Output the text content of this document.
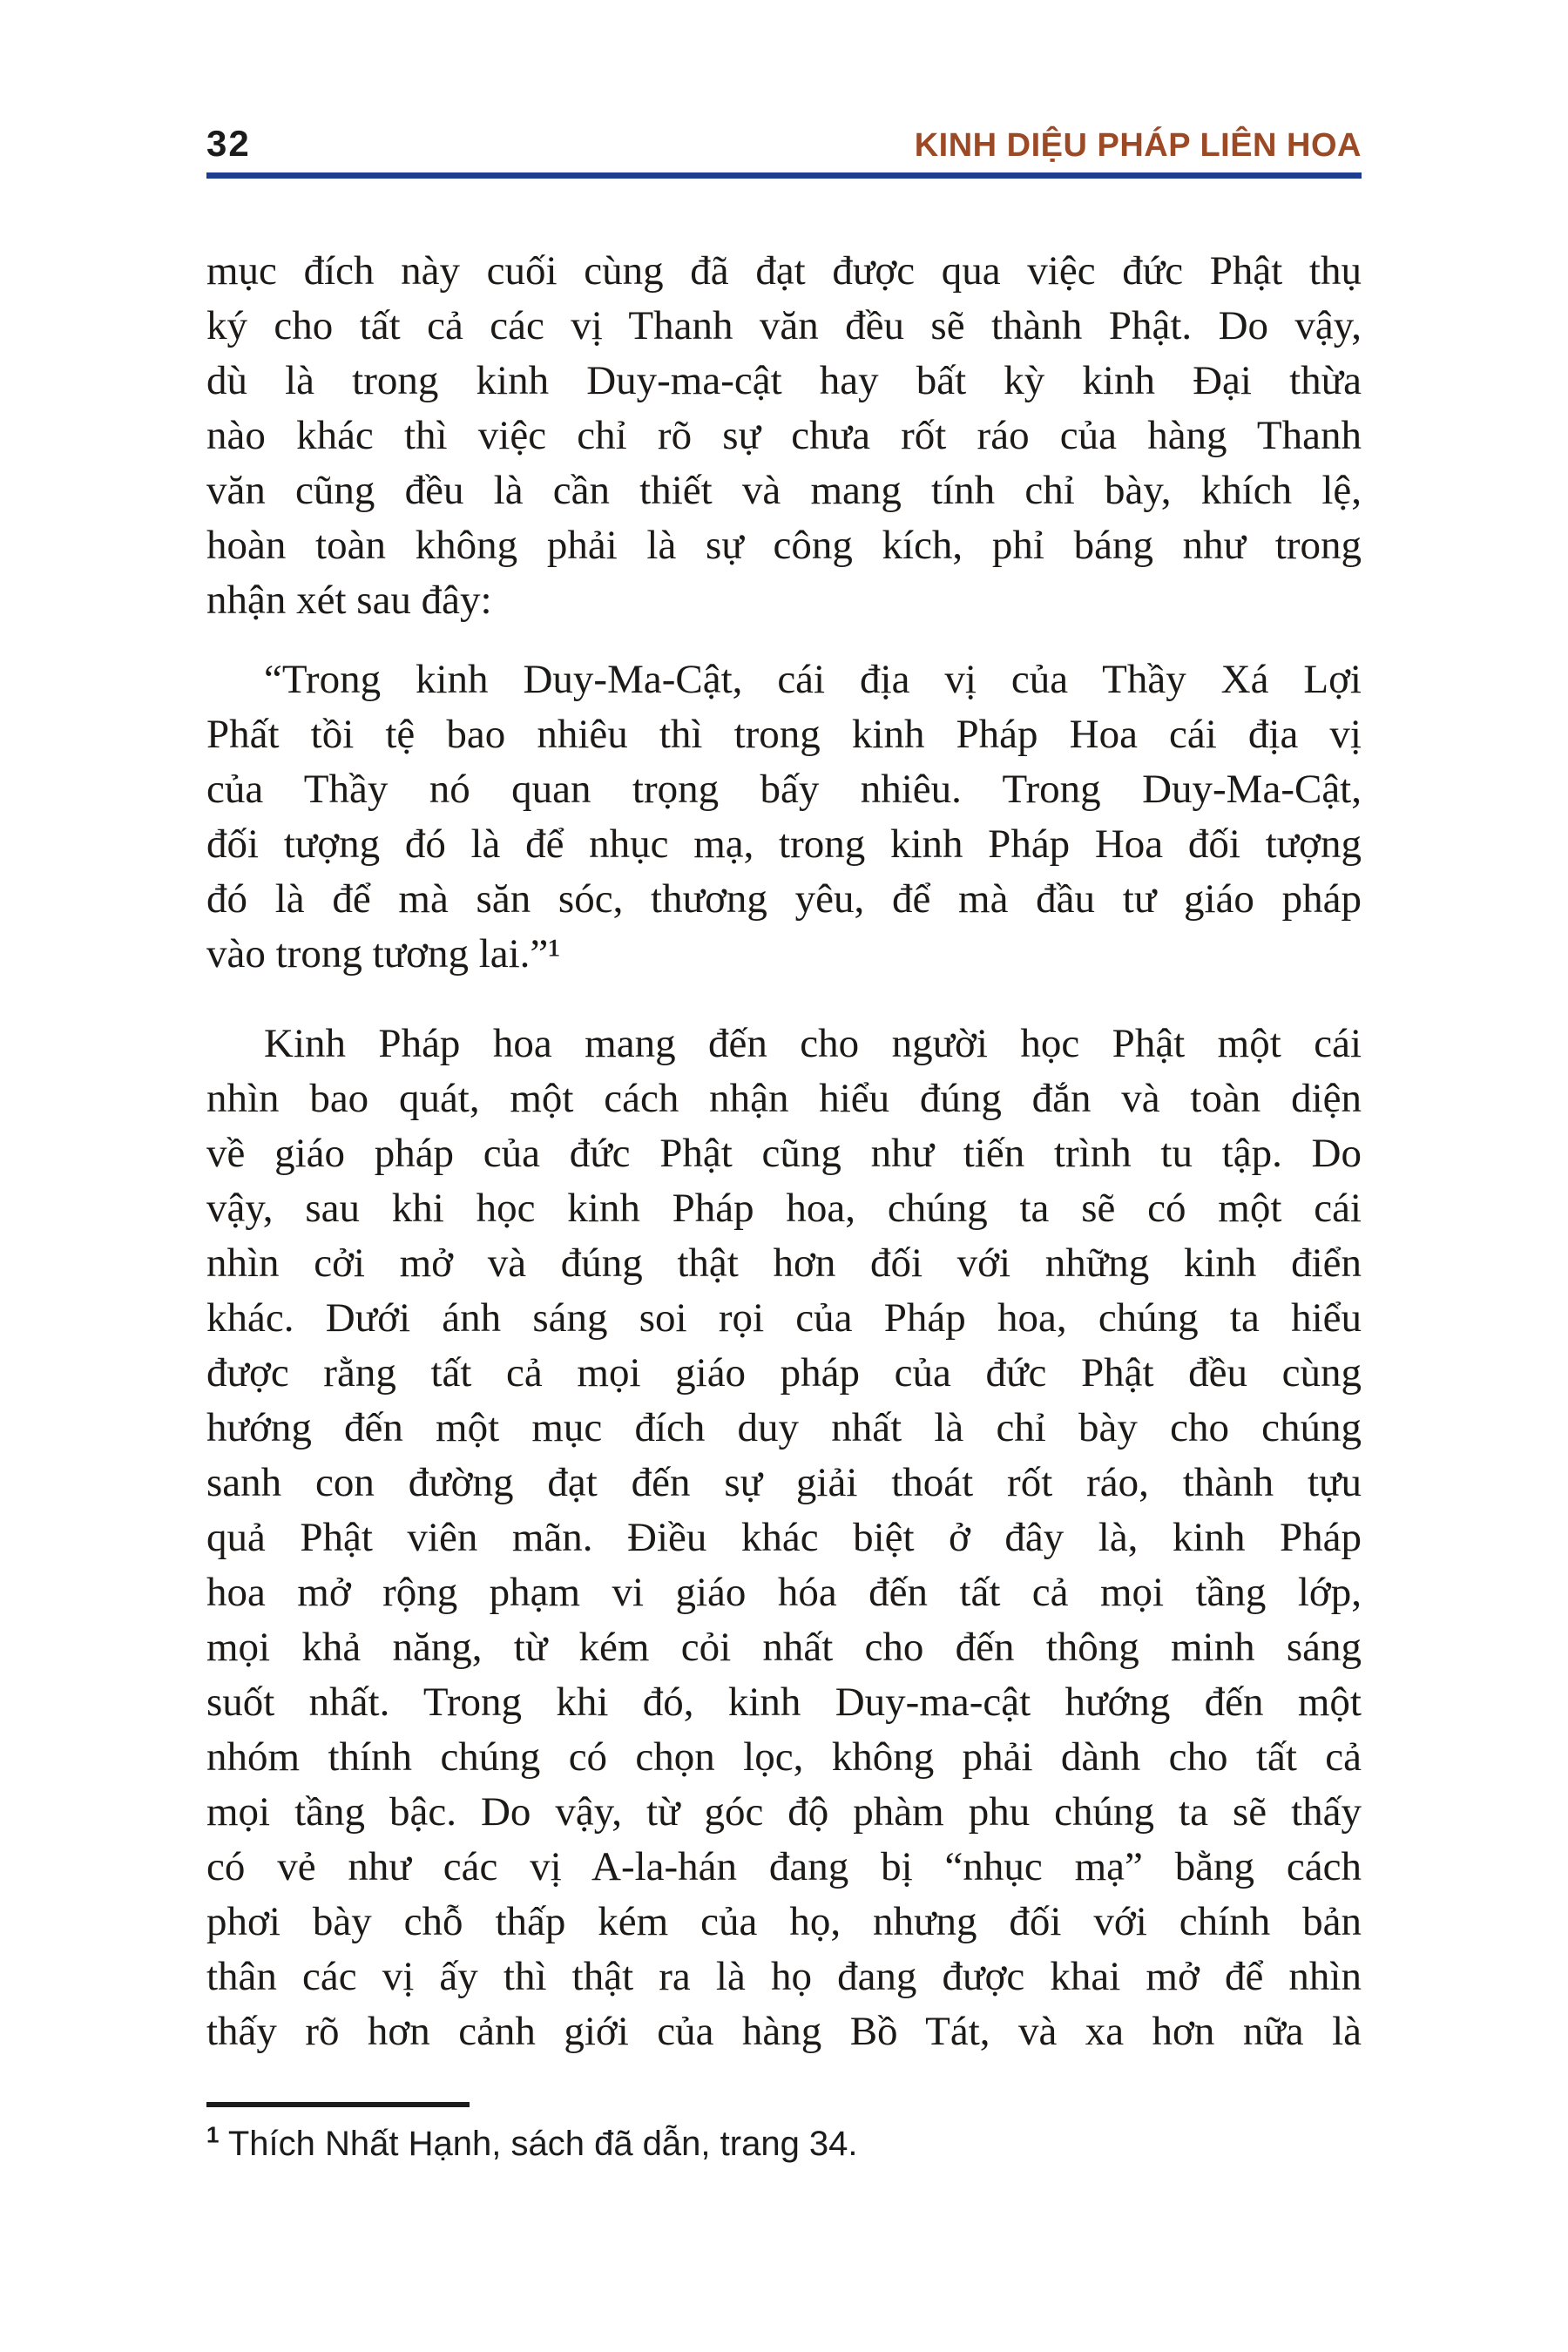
32	KINH DIỆU PHÁP LIÊN HOA
mục đích này cuối cùng đã đạt được qua việc đức Phật thụ
ký cho tất cả các vị Thanh văn đều sẽ thành Phật. Do vậy,
dù là trong kinh Duy-ma-cật hay bất kỳ kinh Đại thừa
nào khác thì việc chỉ rõ sự chưa rốt ráo của hàng Thanh
văn cũng đều là cần thiết và mang tính chỉ bày, khích lệ,
hoàn toàn không phải là sự công kích, phỉ báng như trong
nhận xét sau đây:
“Trong kinh Duy-Ma-Cật, cái địa vị của Thầy Xá Lợi
Phất tồi tệ bao nhiêu thì trong kinh Pháp Hoa cái địa vị
của Thầy nó quan trọng bấy nhiêu. Trong Duy-Ma-Cật,
đối tượng đó là để nhục mạ, trong kinh Pháp Hoa đối tượng
đó là để mà săn sóc, thương yêu, để mà đầu tư giáo pháp
vào trong tương lai.”¹
Kinh Pháp hoa mang đến cho người học Phật một cái
nhìn bao quát, một cách nhận hiểu đúng đắn và toàn diện
về giáo pháp của đức Phật cũng như tiến trình tu tập. Do
vậy, sau khi học kinh Pháp hoa, chúng ta sẽ có một cái
nhìn cởi mở và đúng thật hơn đối với những kinh điển
khác. Dưới ánh sáng soi rọi của Pháp hoa, chúng ta hiểu
được rằng tất cả mọi giáo pháp của đức Phật đều cùng
hướng đến một mục đích duy nhất là chỉ bày cho chúng
sanh con đường đạt đến sự giải thoát rốt ráo, thành tựu
quả Phật viên mãn. Điều khác biệt ở đây là, kinh Pháp
hoa mở rộng phạm vi giáo hóa đến tất cả mọi tầng lớp,
mọi khả năng, từ kém cỏi nhất cho đến thông minh sáng
suốt nhất. Trong khi đó, kinh Duy-ma-cật hướng đến một
nhóm thính chúng có chọn lọc, không phải dành cho tất cả
mọi tầng bậc. Do vậy, từ góc độ phàm phu chúng ta sẽ thấy
có vẻ như các vị A-la-hán đang bị “nhục mạ” bằng cách
phơi bày chỗ thấp kém của họ, nhưng đối với chính bản
thân các vị ấy thì thật ra là họ đang được khai mở để nhìn
thấy rõ hơn cảnh giới của hàng Bồ Tát, và xa hơn nữa là
$^1$ Thích Nhất Hạnh, sách đã dẫn, trang 34.
